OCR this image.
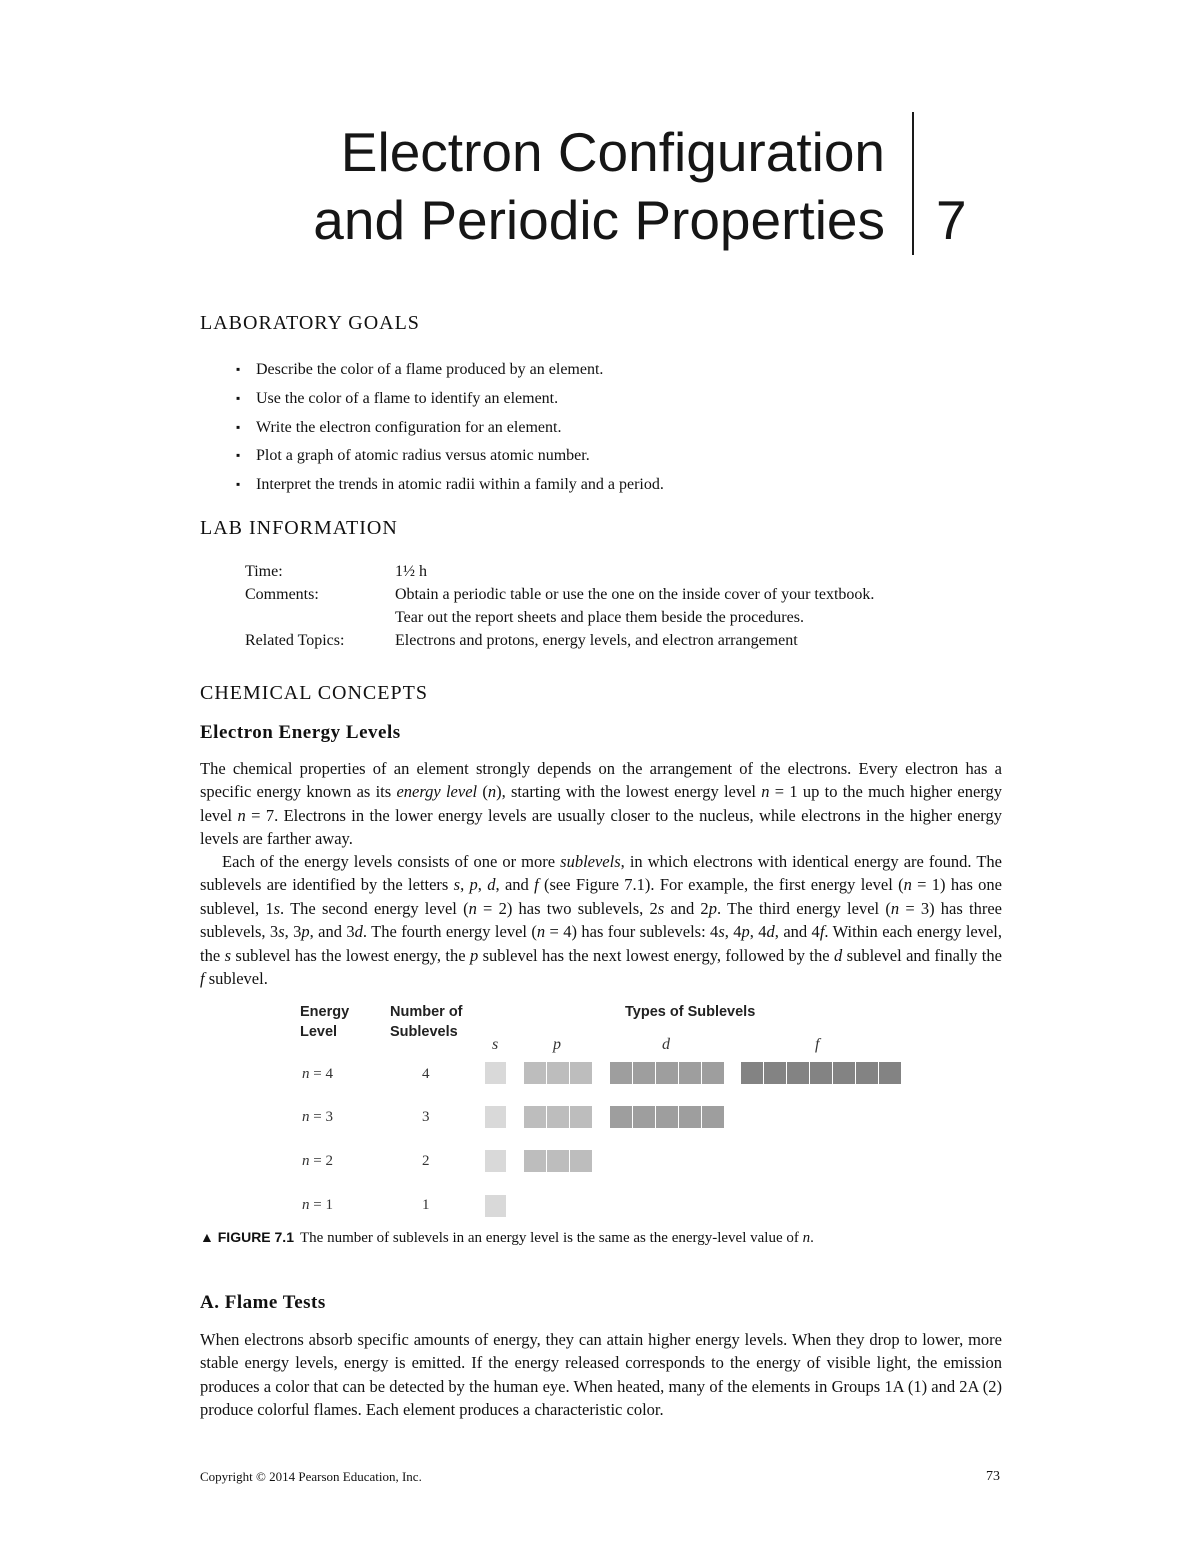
Electron Configuration
and Periodic Properties 7
LABORATORY GOALS
▪ Describe the color of a flame produced by an element.
▪ Use the color of a flame to identify an element.
▪ Write the electron configuration for an element.
▪ Plot a graph of atomic radius versus atomic number.
▪ Interpret the trends in atomic radii within a family and a period.
LAB INFORMATION
Time:	1½ h
Comments:	Obtain a periodic table or use the one on the inside cover of your textbook.
Tear out the report sheets and place them beside the procedures.
Related Topics:	Electrons and protons, energy levels, and electron arrangement
CHEMICAL CONCEPTS
Electron Energy Levels

The chemical properties of an element strongly depends on the arrangement of the electrons. Every electron has a specific energy known as its energy level (n), starting with the lowest energy level n = 1 up to the much higher energy level n = 7. Electrons in the lower energy levels are usually closer to the nucleus, while electrons in the higher energy levels are farther away.

Each of the energy levels consists of one or more sublevels, in which electrons with identical energy are found. The sublevels are identified by the letters s, p, d, and f (see Figure 7.1). For example, the first energy level (n = 1) has one sublevel, 1s. The second energy level (n = 2) has two sublevels, 2s and 2p. The third energy level (n = 3) has three sublevels, 3s, 3p, and 3d. The fourth energy level (n = 4) has four sublevels: 4s, 4p, 4d, and 4f. Within each energy level, the s sublevel has the lowest energy, the p sublevel has the next lowest energy, followed by the d sublevel and finally the f sublevel.

Energy
Level
Number of
Sublevels
Types of Sublevels
s	p	d	f
n = 4	4
n = 3	3
n = 2	2
n = 1	1
▲ FIGURE 7.1 The number of sublevels in an energy level is the same as the energy-level value of n.
A. Flame Tests

When electrons absorb specific amounts of energy, they can attain higher energy levels. When they drop to lower, more stable energy levels, energy is emitted. If the energy released corresponds to the energy of visible light, the emission produces a color that can be detected by the human eye. When heated, many of the elements in Groups 1A (1) and 2A (2) produce colorful flames. Each element produces a characteristic color.

Copyright © 2014 Pearson Education, Inc.	73
